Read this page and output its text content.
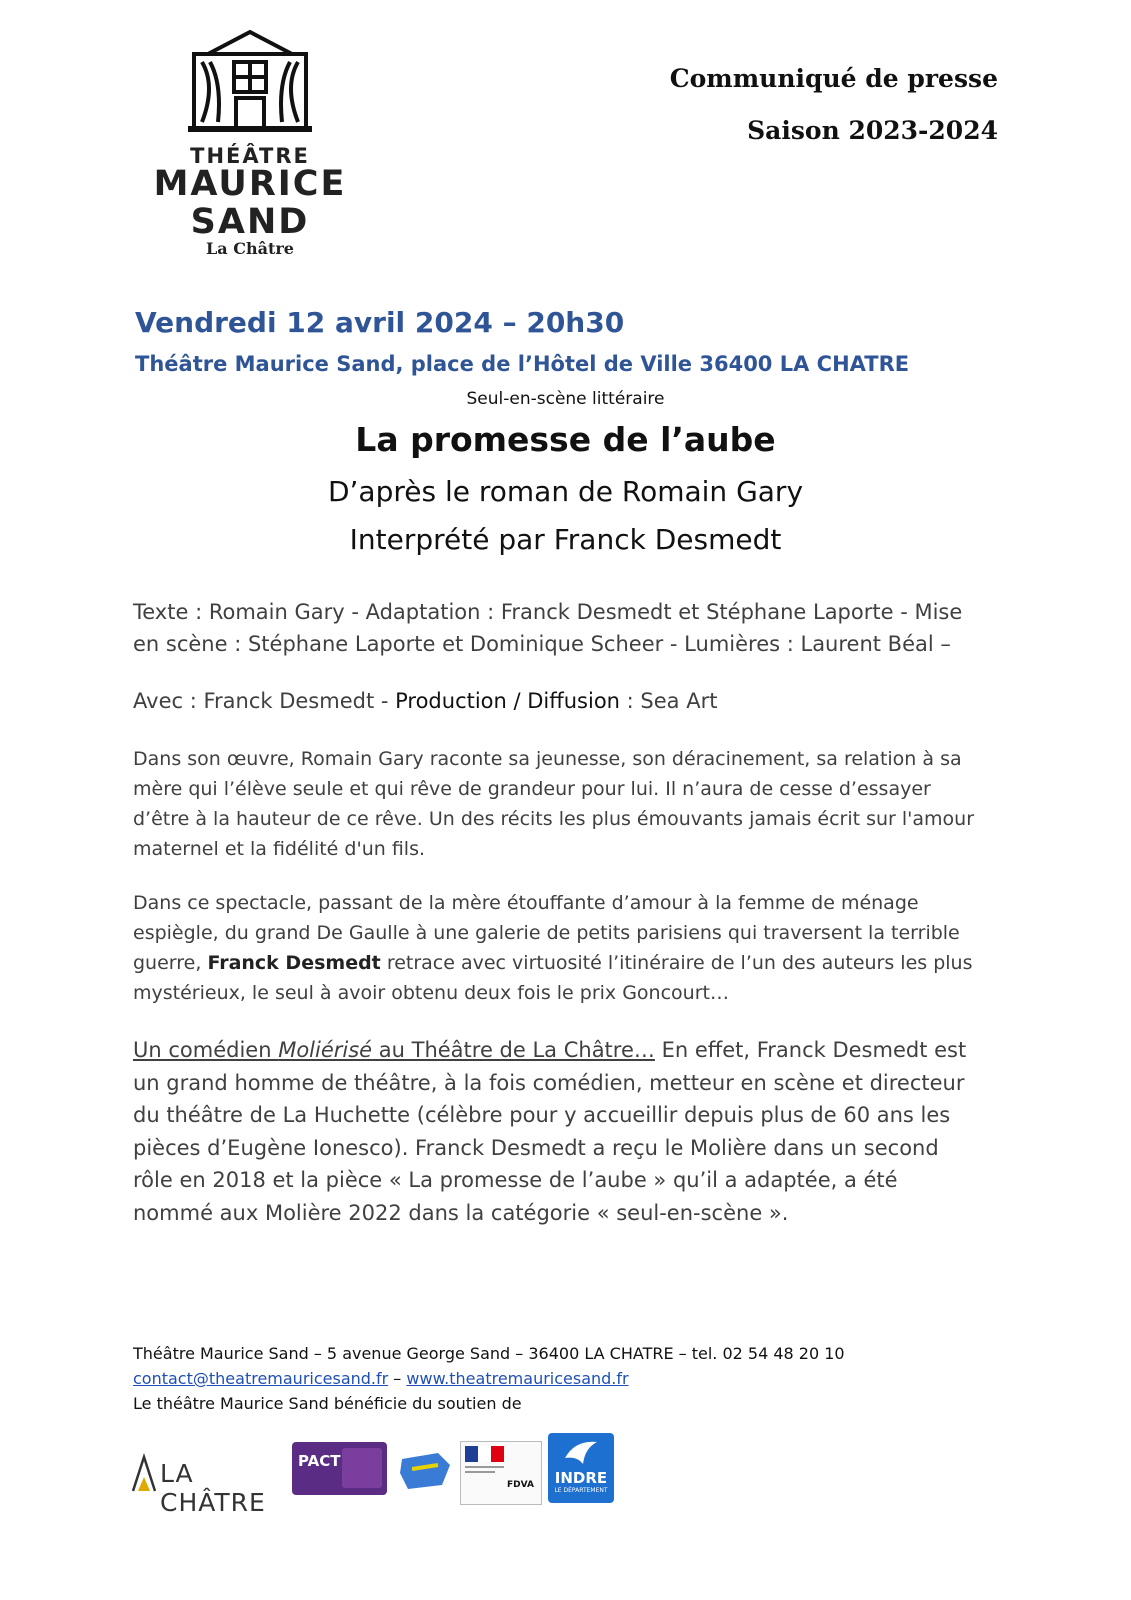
THÉÂTRE
MAURICE
SAND
La Châtre
Communiqué de presse
Saison 2023-2024
Vendredi 12 avril 2024 – 20h30
Théâtre Maurice Sand, place de l’Hôtel de Ville 36400 LA CHATRE
Seul-en-scène littéraire
La promesse de l’aube
D’après le roman de Romain Gary
Interprété par Franck Desmedt
Texte : Romain Gary - Adaptation : Franck Desmedt et Stéphane Laporte - Mise en scène : Stéphane Laporte et Dominique Scheer - Lumières : Laurent Béal –
Avec : Franck Desmedt - Production / Diffusion : Sea Art
Dans son œuvre, Romain Gary raconte sa jeunesse, son déracinement, sa relation à sa mère qui l’élève seule et qui rêve de grandeur pour lui. Il n’aura de cesse d’essayer d’être à la hauteur de ce rêve. Un des récits les plus émouvants jamais écrit sur l'amour maternel et la fidélité d'un fils.
Dans ce spectacle, passant de la mère étouffante d’amour à la femme de ménage espiègle, du grand De Gaulle à une galerie de petits parisiens qui traversent la terrible guerre, Franck Desmedt retrace avec virtuosité l’itinéraire de l’un des auteurs les plus mystérieux, le seul à avoir obtenu deux fois le prix Goncourt…
Un comédien Moliérisé au Théâtre de La Châtre… En effet, Franck Desmedt est un grand homme de théâtre, à la fois comédien, metteur en scène et directeur du théâtre de La Huchette (célèbre pour y accueillir depuis plus de 60 ans les pièces d’Eugène Ionesco). Franck Desmedt a reçu le Molière dans un second rôle en 2018 et la pièce « La promesse de l’aube » qu’il a adaptée, a été nommé aux Molière 2022 dans la catégorie « seul-en-scène ».
Théâtre Maurice Sand – 5 avenue George Sand – 36400 LA CHATRE – tel. 02 54 48 20 10
contact@theatremauricesand.fr – www.theatremauricesand.fr
Le théâtre Maurice Sand bénéficie du soutien de
LA CHÂTRE
PACT
FDVA	INDRE
LE DÉPARTEMENT
